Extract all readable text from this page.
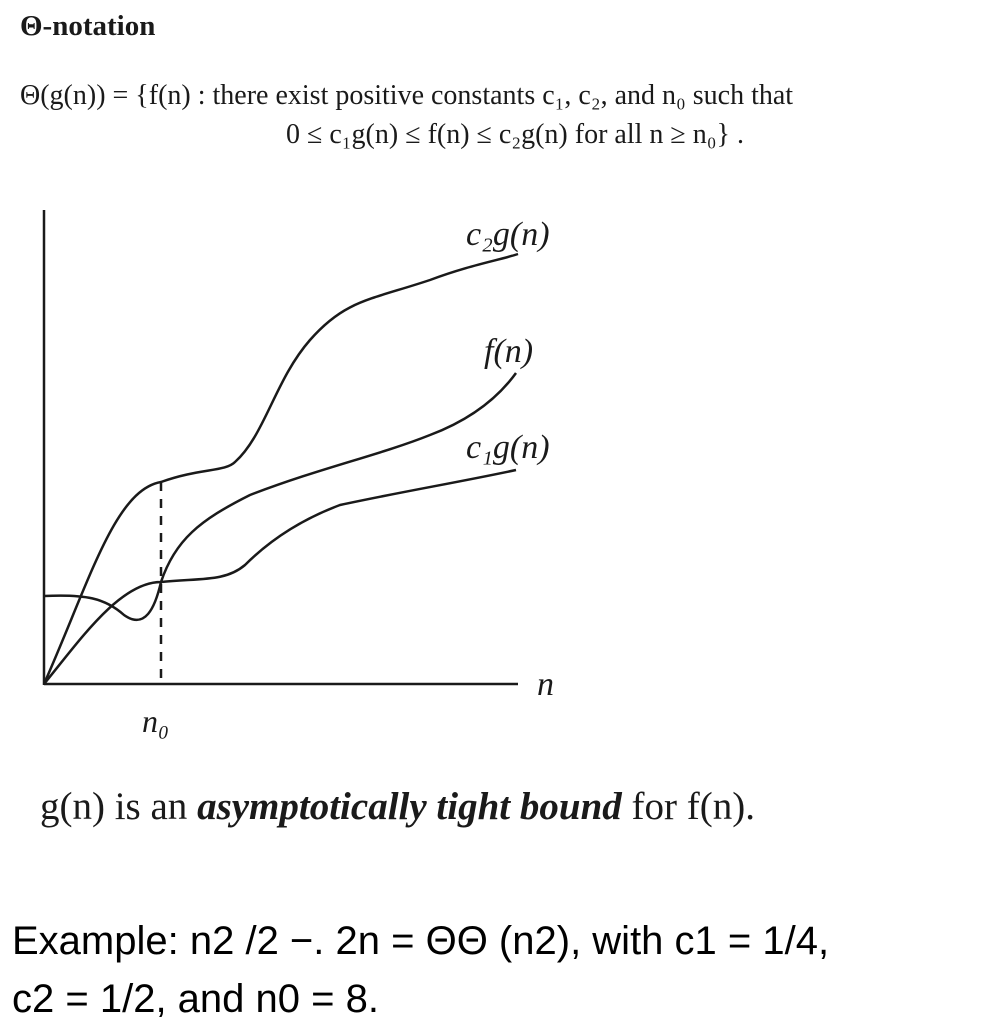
Θ-notation
Θ(g(n)) = {f(n) : there exist positive constants c₁, c₂, and n₀ such that
0 ≤ c₁g(n) ≤ f(n) ≤ c₂g(n) for all n ≥ n₀} .
c₂g(n)
f(n)
c₁g(n)
n
n₀
g(n) is an asymptotically tight bound for f(n).
Example: n2 /2 −. 2n = ΘΘ (n2), with c1 = 1/4,
c2 = 1/2, and n0 = 8.
